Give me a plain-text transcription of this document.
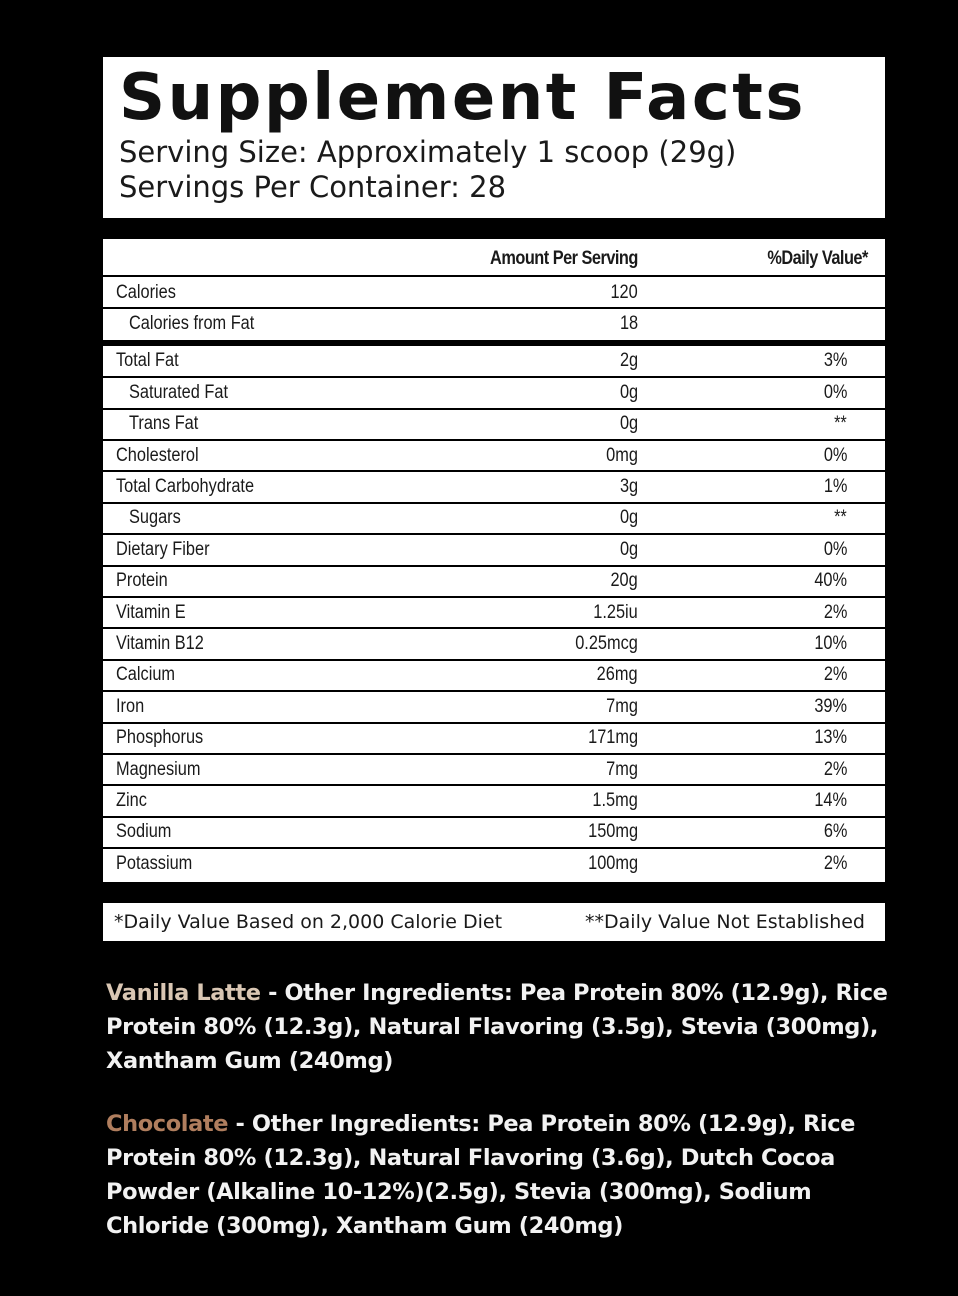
Supplement Facts
Serving Size: Approximately 1 scoop (29g)
Servings Per Container: 28
Amount Per Serving	%Daily Value*
Calories	120
Calories from Fat	18
Total Fat	2g	3%
Saturated Fat	0g	0%
Trans Fat	0g	**
Cholesterol	0mg	0%
Total Carbohydrate	3g	1%
Sugars	0g	**
Dietary Fiber	0g	0%
Protein	20g	40%
Vitamin E	1.25iu	2%
Vitamin B12	0.25mcg	10%
Calcium	26mg	2%
Iron	7mg	39%
Phosphorus	171mg	13%
Magnesium	7mg	2%
Zinc	1.5mg	14%
Sodium	150mg	6%
Potassium	100mg	2%
*Daily Value Based on 2,000 Calorie Diet	**Daily Value Not Established
Vanilla Latte - Other Ingredients: Pea Protein 80% (12.9g), Rice Protein 80% (12.3g), Natural Flavoring (3.5g), Stevia (300mg), Xantham Gum (240mg)
Chocolate - Other Ingredients: Pea Protein 80% (12.9g), Rice Protein 80% (12.3g), Natural Flavoring (3.6g), Dutch Cocoa Powder (Alkaline 10-12%)(2.5g), Stevia (300mg), Sodium Chloride (300mg), Xantham Gum (240mg)
